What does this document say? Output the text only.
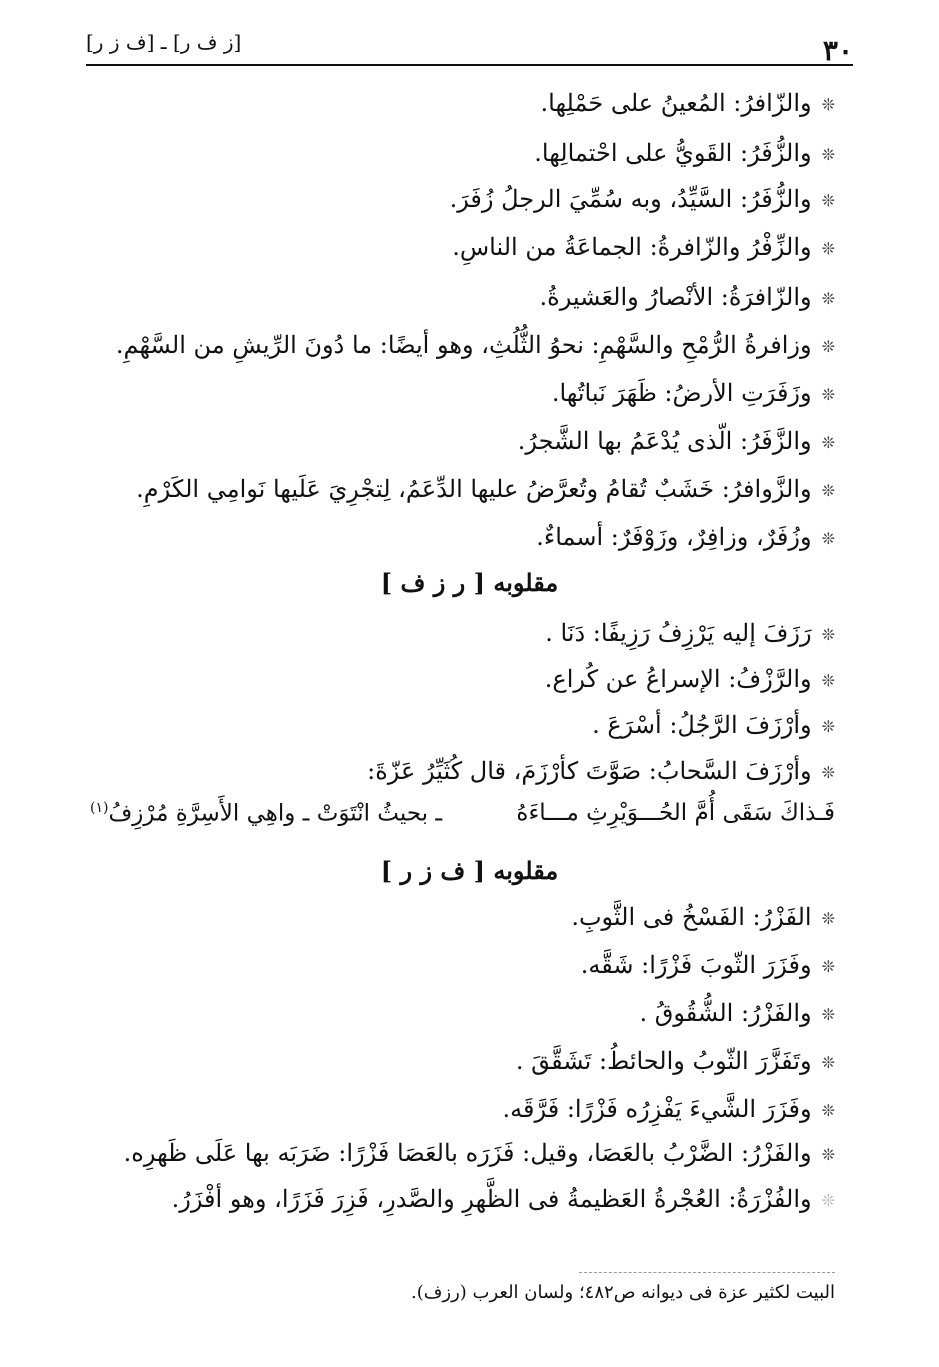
٣٠
[ز ف ر] ـ [ف ز ر]
❊والزّافرُ: المُعينُ على حَمْلِها.
❊والزُّفَرُ: القَويُّ على احْتمالِها.
❊والزُّفَرُ: السَّيِّدُ، وبه سُمِّيَ الرجلُ زُفَرَ.
❊والزِّفْرُ والزّافرةُ: الجماعَةُ من الناسِ.
❊والزّافرَةُ: الأنْصارُ والعَشيرةُ.
❊وزافرةُ الرُّمْحِ والسَّهْمِ: نحوُ الثُّلُثِ، وهو أيضًا: ما دُونَ الرِّيشِ من السَّهْمِ.
❊وزَفَرَتِ الأرضُ: ظَهَرَ نَباتُها.
❊والزَّفَرُ: الّذى يُدْعَمُ بها الشَّجرُ.
❊والزَّوافرُ: خَشَبٌ تُقامُ وتُعرَّضُ عليها الدِّعَمُ، لِتجْرِيَ عَلَيها نَوامِي الكَرْمِ.
❊وزُفَرٌ، وزافِرٌ، وزَوْفَرٌ: أسماءٌ.
مقلوبه [ ر ز ف ]
❊رَزَفَ إليه يَرْزِفُ رَزِيفًا: دَنَا .
❊والرَّزْفُ: الإسراعُ عن كُراع.
❊وأرْزَفَ الرَّجُلُ: أسْرَعَ .
❊وأرْزَفَ السَّحابُ: صَوَّتَ كأرْزَمَ، قال كُثَيِّرُ عَزّةَ:
فَـذاكَ سَقَى أُمَّ الحُـــوَيْرِثِ مـــاءَهُ
ـ بحيثُ انْتَوَتْ ـ واهِي الأَسِرَّةِ مُرْزِفُ$^{(١)}$
مقلوبه [ ف ز ر ]
❊الفَزْرُ: الفَسْخُ فى الثَّوبِ.
❊وفَزَرَ الثّوبَ فَزْرًا: شَقَّه.
❊والفَزْرُ: الشُّقُوقُ .
❊وتَفَزَّرَ الثّوبُ والحائطُ: تَشَقَّقَ .
❊وفَزَرَ الشَّيءَ يَفْزِرُه فَزْرًا: فَرَّقَه.
❊والفَزْرُ: الضَّرْبُ بالعَصَا، وقيل: فَزَرَه بالعَصَا فَزْرًا: ضَرَبَه بها عَلَى ظَهرِه.
❊والفُزْرَةُ: العُجْرةُ العَظيمةُ فى الظَّهرِ والصَّدرِ، فَزِرَ فَزَرًا، وهو أفْزَرُ.
البيت لكثير عزة فى ديوانه ص٤٨٢؛ ولسان العرب (رزف).
